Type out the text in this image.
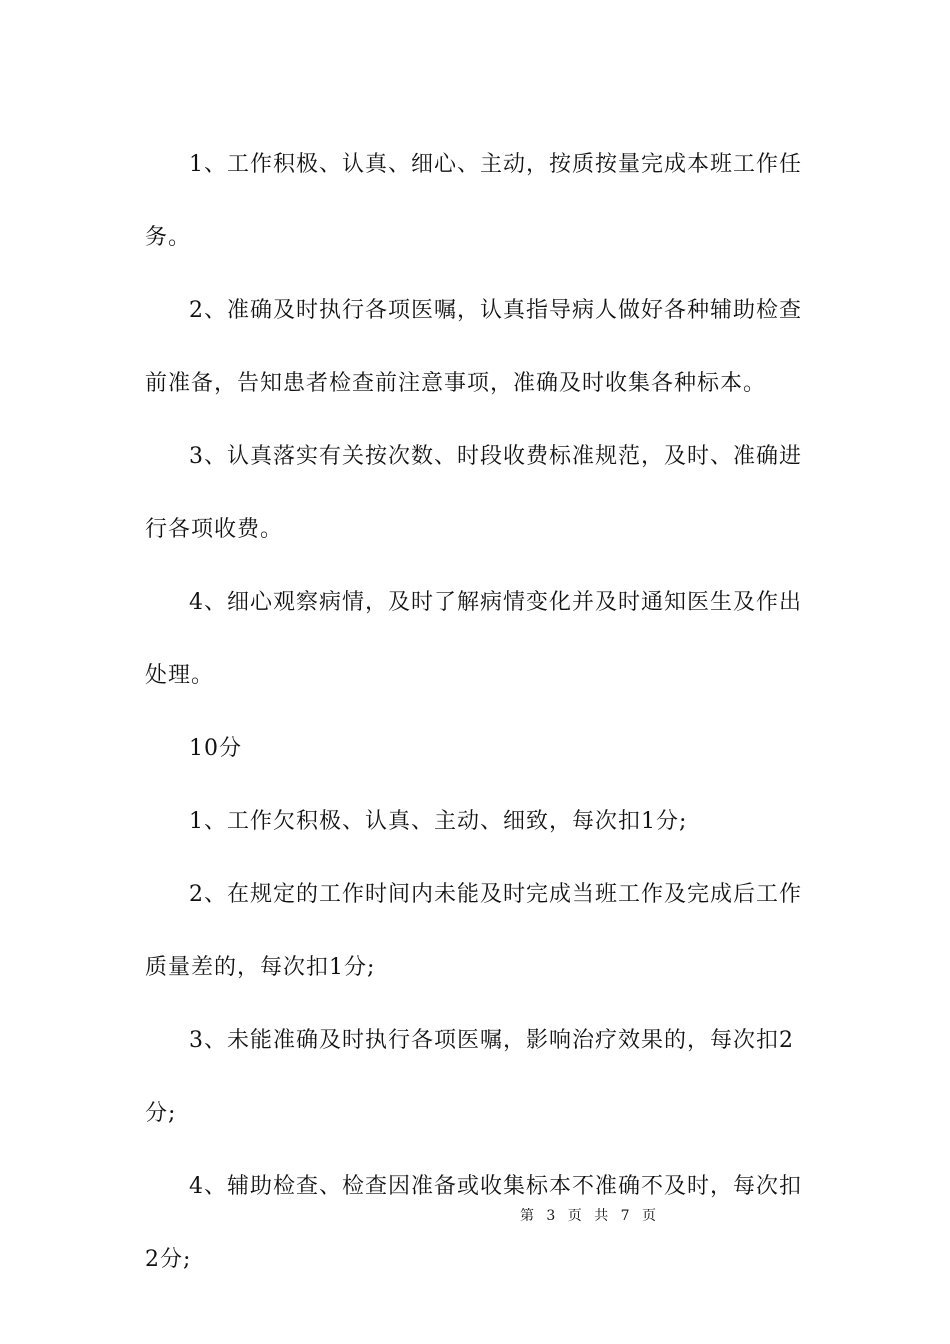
1、工作积极、认真、细心、主动，按质按量完成本班工作任务。

2、准确及时执行各项医嘱，认真指导病人做好各种辅助检查前准备，告知患者检查前注意事项，准确及时收集各种标本。

3、认真落实有关按次数、时段收费标准规范，及时、准确进行各项收费。

4、细心观察病情，及时了解病情变化并及时通知医生及作出处理。

10分

1、工作欠积极、认真、主动、细致，每次扣1分;

2、在规定的工作时间内未能及时完成当班工作及完成后工作质量差的，每次扣1分;

3、未能准确及时执行各项医嘱，影响治疗效果的，每次扣2分;

4、辅助检查、检查因准备或收集标本不准确不及时，每次扣2分;

第 3 页 共 7 页
